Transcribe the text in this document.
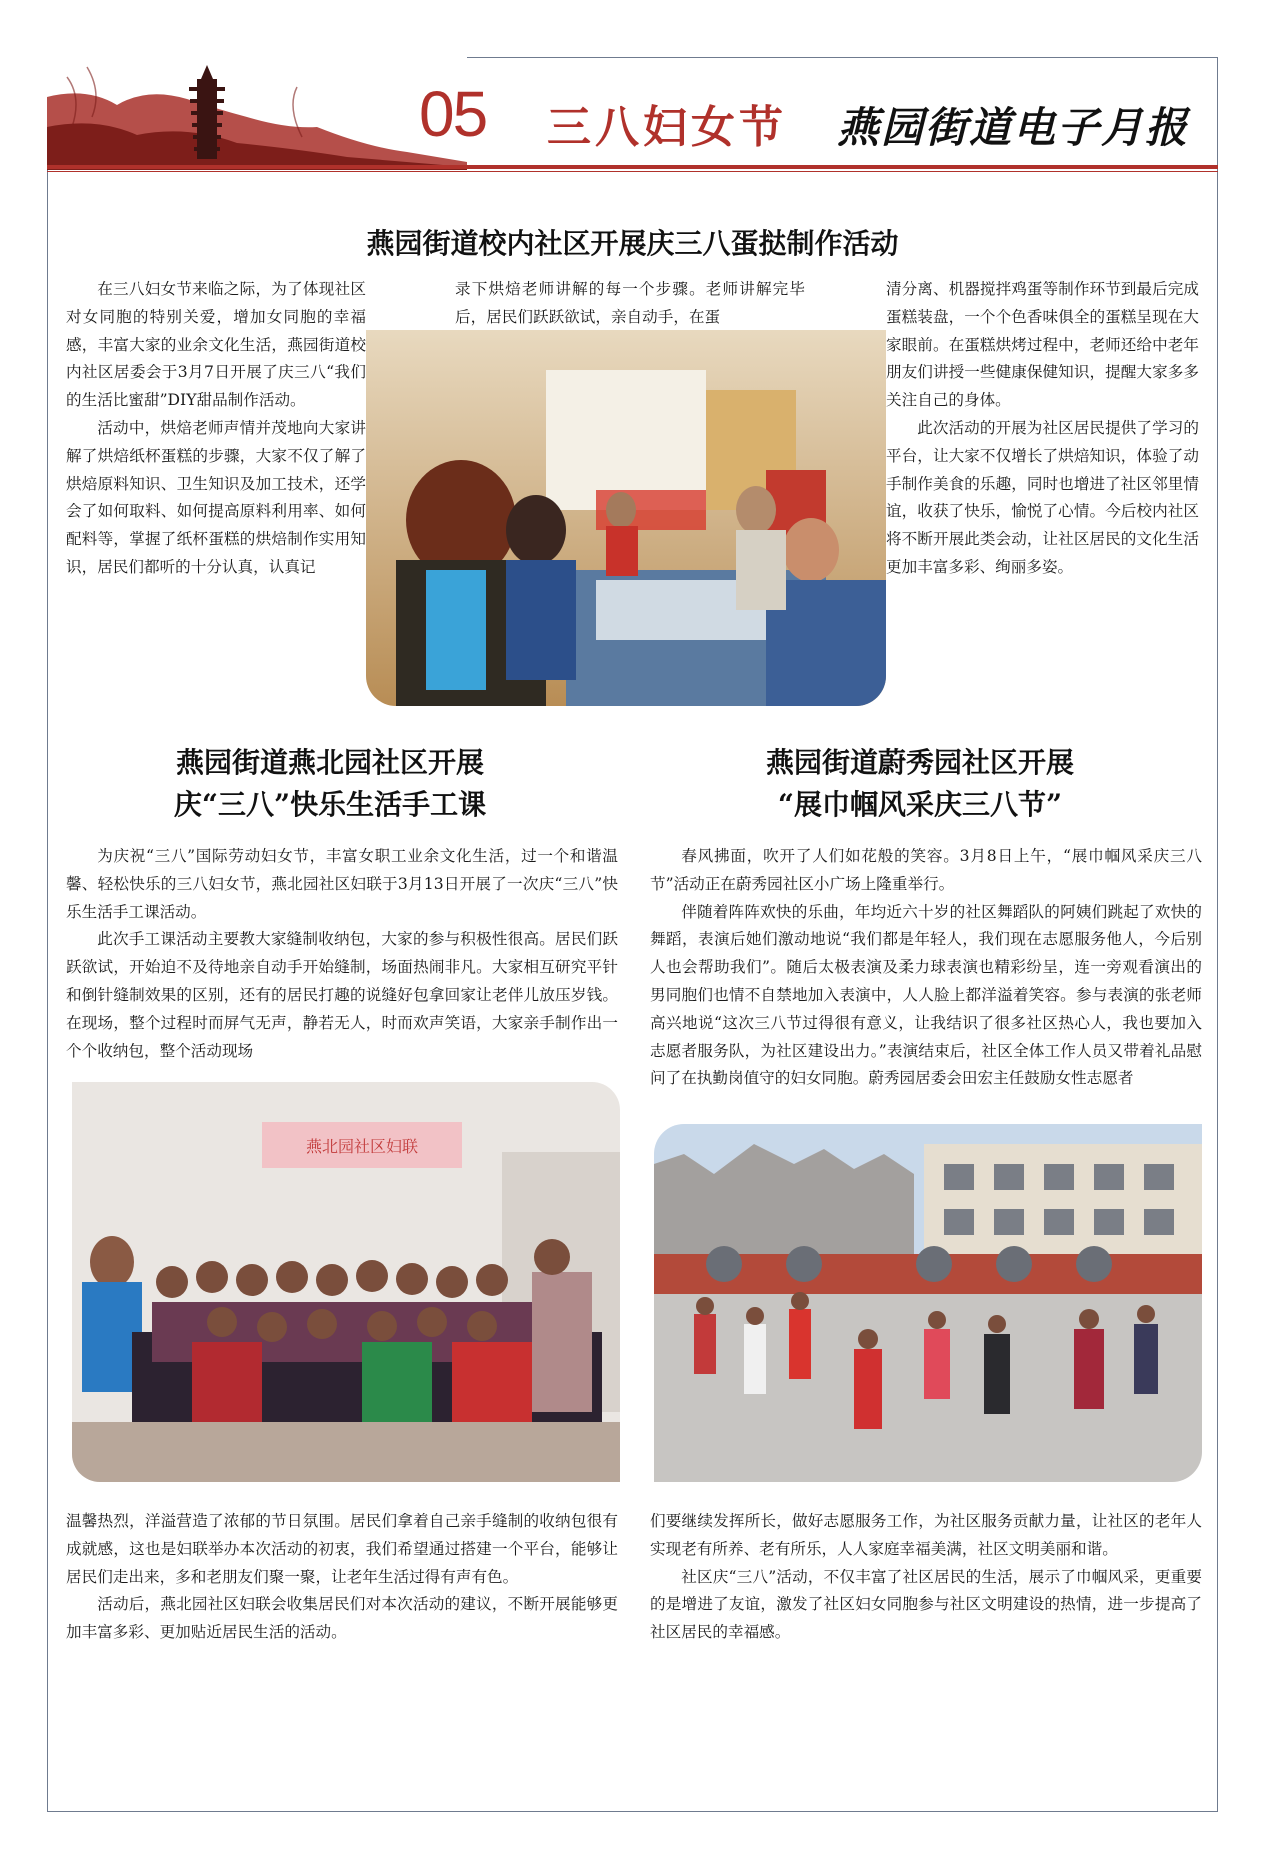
05 三八妇女节 燕园街道电子月报
燕园街道校内社区开展庆三八蛋挞制作活动

在三八妇女节来临之际，为了体现社区对女同胞的特别关爱，增加女同胞的幸福感，丰富大家的业余文化生活，燕园街道校内社区居委会于3月7日开展了庆三八“我们的生活比蜜甜”DIY甜品制作活动。

活动中，烘焙老师声情并茂地向大家讲解了烘焙纸杯蛋糕的步骤，大家不仅了解了烘焙原料知识、卫生知识及加工技术，还学会了如何取料、如何提高原料利用率、如何配料等，掌握了纸杯蛋糕的烘焙制作实用知识，居民们都听的十分认真，认真记

录下烘焙老师讲解的每一个步骤。老师讲解完毕后，居民们跃跃欲试，亲自动手，在蛋

清分离、机器搅拌鸡蛋等制作环节到最后完成蛋糕装盘，一个个色香味俱全的蛋糕呈现在大家眼前。在蛋糕烘烤过程中，老师还给中老年朋友们讲授一些健康保健知识，提醒大家多多关注自己的身体。

此次活动的开展为社区居民提供了学习的平台，让大家不仅增长了烘焙知识，体验了动手制作美食的乐趣，同时也增进了社区邻里情谊，收获了快乐，愉悦了心情。今后校内社区将不断开展此类会动，让社区居民的文化生活更加丰富多彩、绚丽多姿。

燕园街道燕北园社区开展
庆“三八”快乐生活手工课

为庆祝“三八”国际劳动妇女节，丰富女职工业余文化生活，过一个和谐温馨、轻松快乐的三八妇女节，燕北园社区妇联于3月13日开展了一次庆“三八”快乐生活手工课活动。

此次手工课活动主要教大家缝制收纳包，大家的参与积极性很高。居民们跃跃欲试，开始迫不及待地亲自动手开始缝制，场面热闹非凡。大家相互研究平针和倒针缝制效果的区别，还有的居民打趣的说缝好包拿回家让老伴儿放压岁钱。在现场，整个过程时而屏气无声，静若无人，时而欢声笑语，大家亲手制作出一个个收纳包，整个活动现场

燕北园社区妇联

温馨热烈，洋溢营造了浓郁的节日氛围。居民们拿着自己亲手缝制的收纳包很有成就感，这也是妇联举办本次活动的初衷，我们希望通过搭建一个平台，能够让居民们走出来，多和老朋友们聚一聚，让老年生活过得有声有色。

活动后，燕北园社区妇联会收集居民们对本次活动的建议，不断开展能够更加丰富多彩、更加贴近居民生活的活动。

燕园街道蔚秀园社区开展
“展巾帼风采庆三八节”

春风拂面，吹开了人们如花般的笑容。3月8日上午，“展巾帼风采庆三八节”活动正在蔚秀园社区小广场上隆重举行。

伴随着阵阵欢快的乐曲，年均近六十岁的社区舞蹈队的阿姨们跳起了欢快的舞蹈，表演后她们激动地说“我们都是年轻人，我们现在志愿服务他人，今后别人也会帮助我们”。随后太极表演及柔力球表演也精彩纷呈，连一旁观看演出的男同胞们也情不自禁地加入表演中，人人脸上都洋溢着笑容。参与表演的张老师高兴地说“这次三八节过得很有意义，让我结识了很多社区热心人，我也要加入志愿者服务队，为社区建设出力。”表演结束后，社区全体工作人员又带着礼品慰问了在执勤岗值守的妇女同胞。蔚秀园居委会田宏主任鼓励女性志愿者

们要继续发挥所长，做好志愿服务工作，为社区服务贡献力量，让社区的老年人实现老有所养、老有所乐，人人家庭幸福美满，社区文明美丽和谐。

社区庆“三八”活动，不仅丰富了社区居民的生活，展示了巾帼风采，更重要的是增进了友谊，激发了社区妇女同胞参与社区文明建设的热情，进一步提高了社区居民的幸福感。
